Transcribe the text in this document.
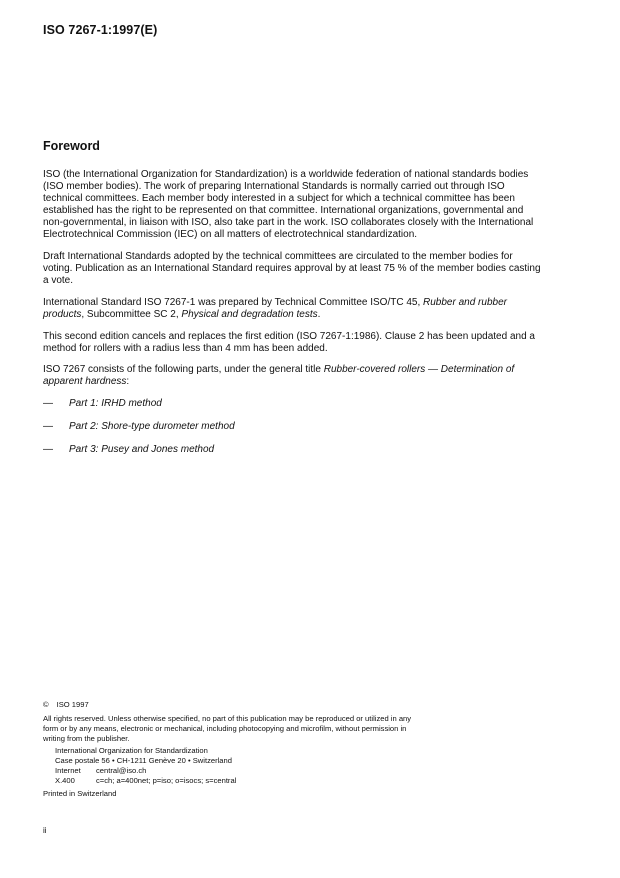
ISO 7267-1:1997(E)
Foreword

ISO (the International Organization for Standardization) is a worldwide federation of national standards bodies (ISO member bodies). The work of preparing International Standards is normally carried out through ISO technical committees. Each member body interested in a subject for which a technical committee has been established has the right to be represented on that committee. International organizations, governmental and non-governmental, in liaison with ISO, also take part in the work. ISO collaborates closely with the International Electrotechnical Commission (IEC) on all matters of electrotechnical standardization.

Draft International Standards adopted by the technical committees are circulated to the member bodies for voting. Publication as an International Standard requires approval by at least 75 % of the member bodies casting a vote.

International Standard ISO 7267-1 was prepared by Technical Committee ISO/TC 45, Rubber and rubber products, Subcommittee SC 2, Physical and degradation tests.

This second edition cancels and replaces the first edition (ISO 7267-1:1986). Clause 2 has been updated and a method for rollers with a radius less than 4 mm has been added.

ISO 7267 consists of the following parts, under the general title Rubber-covered rollers — Determination of apparent hardness:

—	Part 1: IRHD method
—	Part 2: Shore-type durometer method
—	Part 3: Pusey and Jones method
© ISO 1997

All rights reserved. Unless otherwise specified, no part of this publication may be reproduced or utilized in any form or by any means, electronic or mechanical, including photocopying and microfilm, without permission in writing from the publisher.

International Organization for Standardization
Case postale 56 • CH-1211 Genève 20 • Switzerland
Internet	central@iso.ch
X.400	c=ch; a=400net; p=iso; o=isocs; s=central
Printed in Switzerland
ii
